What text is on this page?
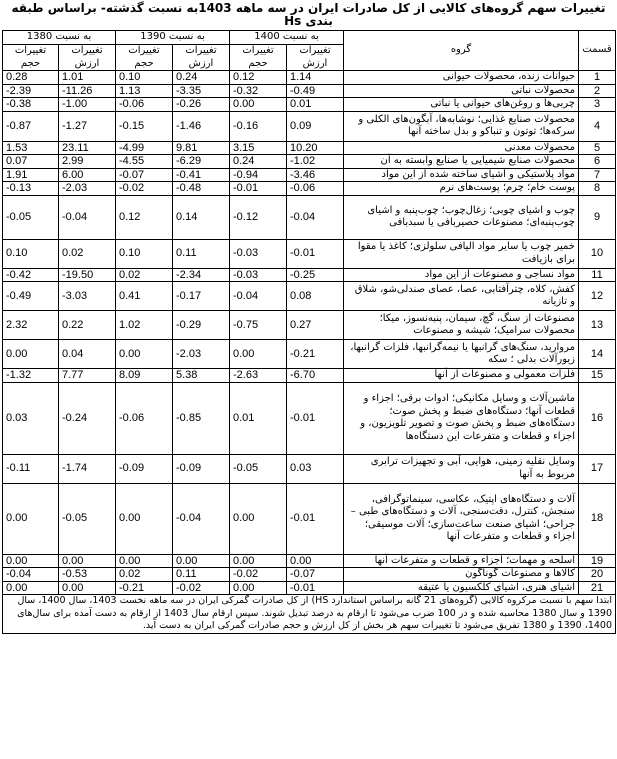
تغییرات سهم گروه‌های کالایی از کل صادرات ایران در سه ماهه 1403به نسبت گذشته- براساس طبقه بندی Hs
قسمت	گروه	به نسبت 1400		به نسبت 1390		به نسبت 1380	
		تغییرات ارزش	تغییرات حجم	تغییرات ارزش	تغییرات حجم	تغییرات ارزش	تغییرات حجم
1	حیوانات زنده، محصولات حیوانی	1.14	0.12	0.24	0.10	1.01	0.28
2	محصولات نباتی	-0.49	-0.32	-3.35	1.13	-11.26	-2.39
3	چربی‌ها و روغن‌های حیوانی یا نباتی	0.01	0.00	-0.26	-0.06	-1.00	-0.38
4	محصولات صنایع غذایی؛ نوشابه‌ها، آبگون‌های الکلی و سرکه‌ها؛ توتون و تنباکو و بدل ساخته آنها	0.09	-0.16	-1.46	-0.15	-1.27	-0.87
5	محصولات معدنی	10.20	3.15	9.81	-4.99	23.11	1.53
6	محصولات صنایع شیمیایی یا صنایع وابسته به آن	-1.02	0.24	-6.29	-4.55	2.99	0.07
7	مواد پلاستیکی و اشیای ساخته شده از این مواد	-3.46	-0.94	-0.41	-0.07	6.00	1.91
8	پوست خام؛ چرم؛ پوست‌های نرم	-0.06	-0.01	-0.48	-0.02	-2.03	-0.13
9	چوب و اشیای چوبی؛ زغال‌چوب؛ چوب‌پنبه و اشیای چوب‌پنبه‌ای؛ مصنوعات حصیربافی یا سبدبافی	-0.04	-0.12	0.14	0.12	-0.04	-0.05
10	خمیر چوب یا سایر مواد الیافی سلولزی؛ کاغذ یا مقوا برای بازیافت	-0.01	-0.03	0.11	0.10	0.02	0.10
11	مواد نساجی و مصنوعات از این مواد	-0.25	-0.03	-2.34	0.02	-19.50	-0.42
12	کفش، کلاه، چترآفتابی، عصا، عصای صندلی‌شو، شلاق و تازیانه	0.08	-0.04	-0.17	0.41	-3.03	-0.49
13	مصنوعات از سنگ، گچ، سیمان، پنبه‌نسوز، میکا؛ محصولات سرامیک؛ شیشه و مصنوعات	0.27	-0.75	-0.29	1.02	0.22	2.32
14	مروارید، سنگ‌های گرانبها یا نیمه‌گرانبها، فلزات گرانبها، زیورآلات بدلی ؛ سکه	-0.21	0.00	-2.03	0.00	0.04	0.00
15	فلزات معمولی و مصنوعات از آنها	-6.70	-2.63	5.38	8.09	7.77	-1.32
16	ماشین‌آلات و وسایل مکانیکی؛ ادوات برقی؛ اجزاء و قطعات آنها؛ دستگاه‌های ضبط و پخش صوت؛ دستگاه‌های ضبط و پخش صوت و تصویر تلویزیون، و اجزاء و قطعات و متفرعات این دستگاه‌ها	-0.01	0.01	-0.85	-0.06	-0.24	0.03
17	وسایل نقلیه زمینی، هوایی، آبی و تجهیزات ترابری مربوط به آنها	0.03	-0.05	-0.09	-0.09	-1.74	-0.11
18	آلات و دستگاه‌های اپتیک، عکاسی، سینماتوگرافی، سنجش، کنترل، دقت‌سنجی، آلات و دستگاه‌های طبی – جراحی؛ اشیای صنعت ساعت‌سازی؛ آلات موسیقی؛ اجزاء و قطعات و متفرعات آنها	-0.01	0.00	-0.04	0.00	-0.05	0.00
19	اسلحه و مهمات؛ اجزاء و قطعات و متفرعات آنها	0.00	0.00	0.00	0.00	0.00	0.00
20	کالاها و مصنوعات گوناگون	-0.07	-0.02	0.11	0.02	-0.53	-0.04
21	اشیای هنری، اشیای کلکسیون یا عتیقه	-0.01	0.00	-0.02	-0.21	0.00	0.00
ابتدا سهم با نسبت مرکروه کالایی (گروه‌های 21 گانه براساس استاندارد HS) از کل صادرات گمرکی ایران در سه ماهه نخست 1403، سال 1400، سال 1390 و سال 1380 محاسبه شده و در 100 ضرب می‌شود تا ارقام به درصد تبدیل شوند. سپس ارقام سال 1403 از ارقام به دست آمده برای سال‌های 1400، 1390 و 1380 تفریق می‌شود تا تغییرات سهم هر بخش از کل ارزش و حجم صادرات گمرکی ایران به دست آید.							
